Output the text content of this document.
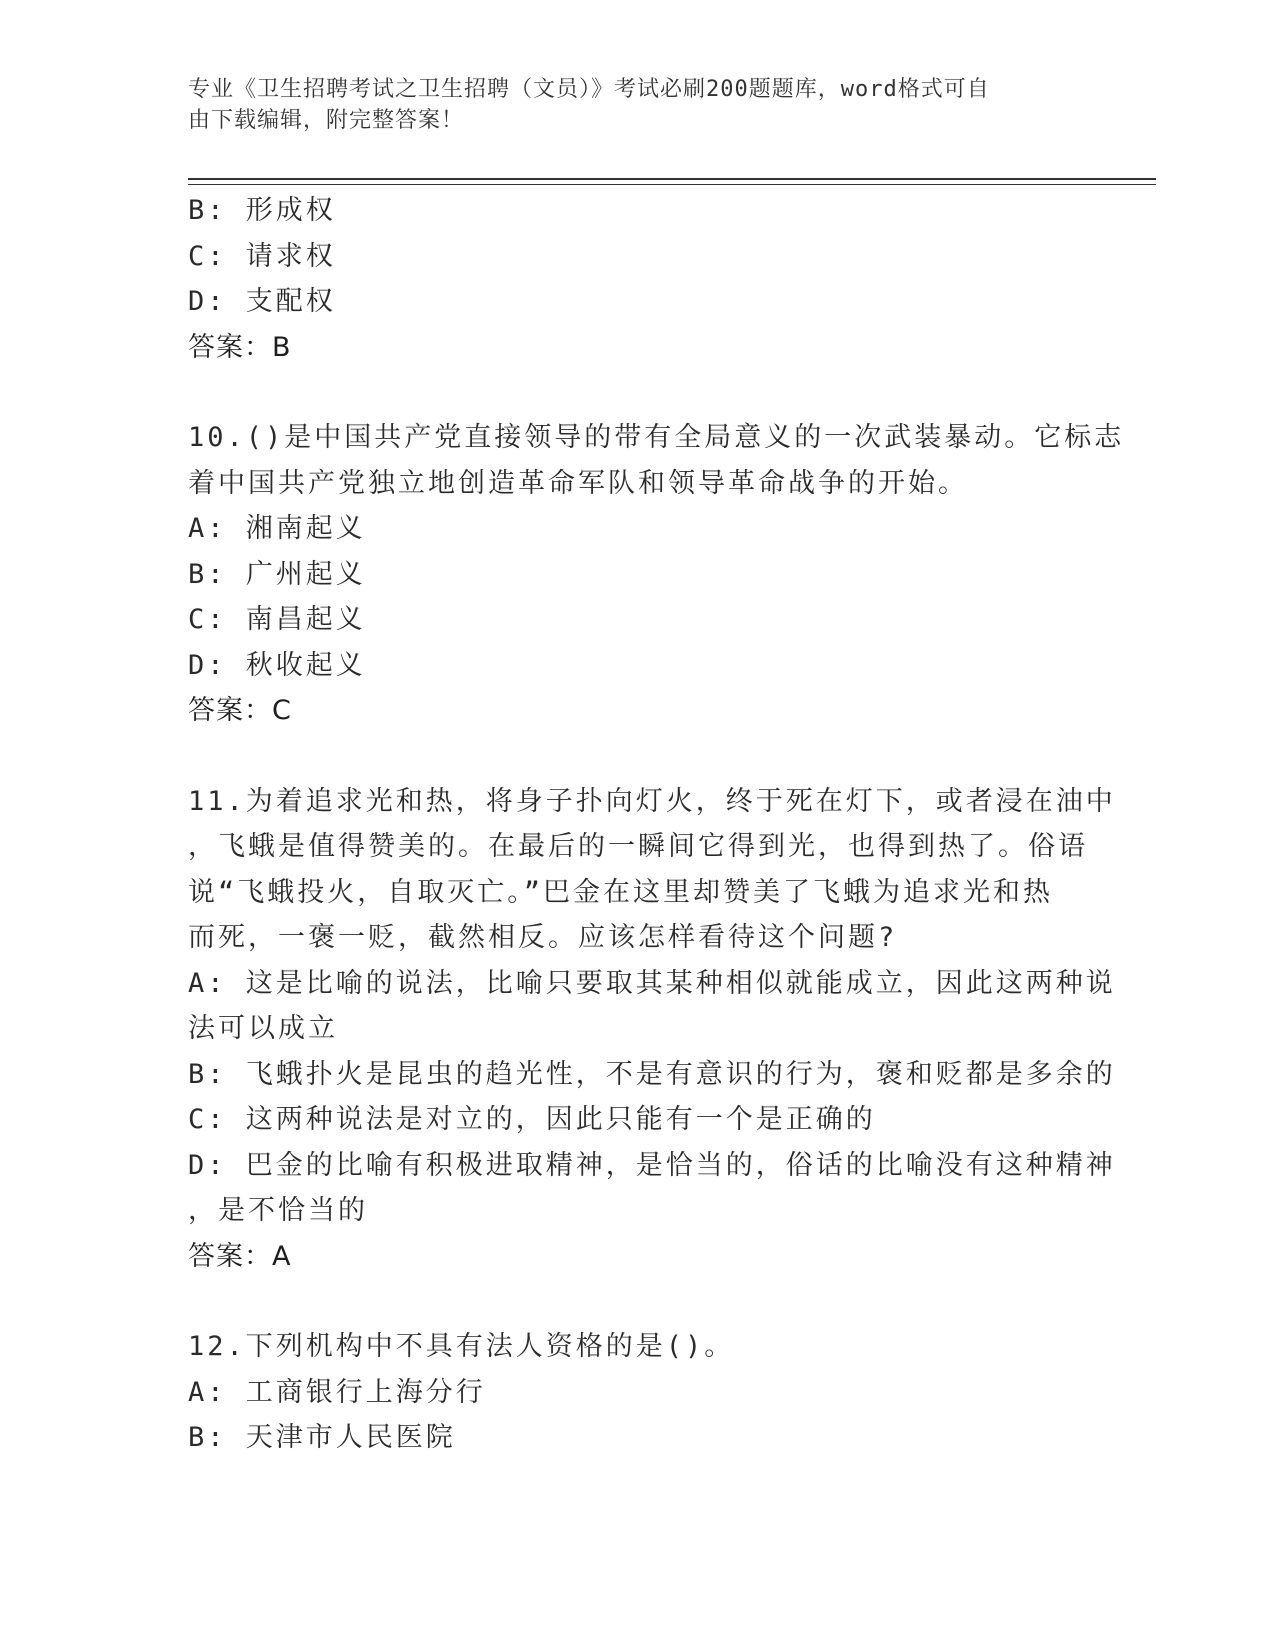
专业《卫生招聘考试之卫生招聘（文员）》考试必刷200题题库，word格式可自
由下载编辑，附完整答案！
B: 形成权
C: 请求权
D: 支配权
答案：B
10.()是中国共产党直接领导的带有全局意义的一次武装暴动。它标志
着中国共产党独立地创造革命军队和领导革命战争的开始。
A: 湘南起义
B: 广州起义
C: 南昌起义
D: 秋收起义
答案：C
11.为着追求光和热，将身子扑向灯火，终于死在灯下，或者浸在油中
，飞蛾是值得赞美的。在最后的一瞬间它得到光，也得到热了。俗语
说“飞蛾投火，自取灭亡。”巴金在这里却赞美了飞蛾为追求光和热
而死，一褒一贬，截然相反。应该怎样看待这个问题?
A: 这是比喻的说法，比喻只要取其某种相似就能成立，因此这两种说
法可以成立
B: 飞蛾扑火是昆虫的趋光性，不是有意识的行为，褒和贬都是多余的
C: 这两种说法是对立的，因此只能有一个是正确的
D: 巴金的比喻有积极进取精神，是恰当的，俗话的比喻没有这种精神
，是不恰当的
答案：A
12.下列机构中不具有法人资格的是()。
A: 工商银行上海分行
B: 天津市人民医院
